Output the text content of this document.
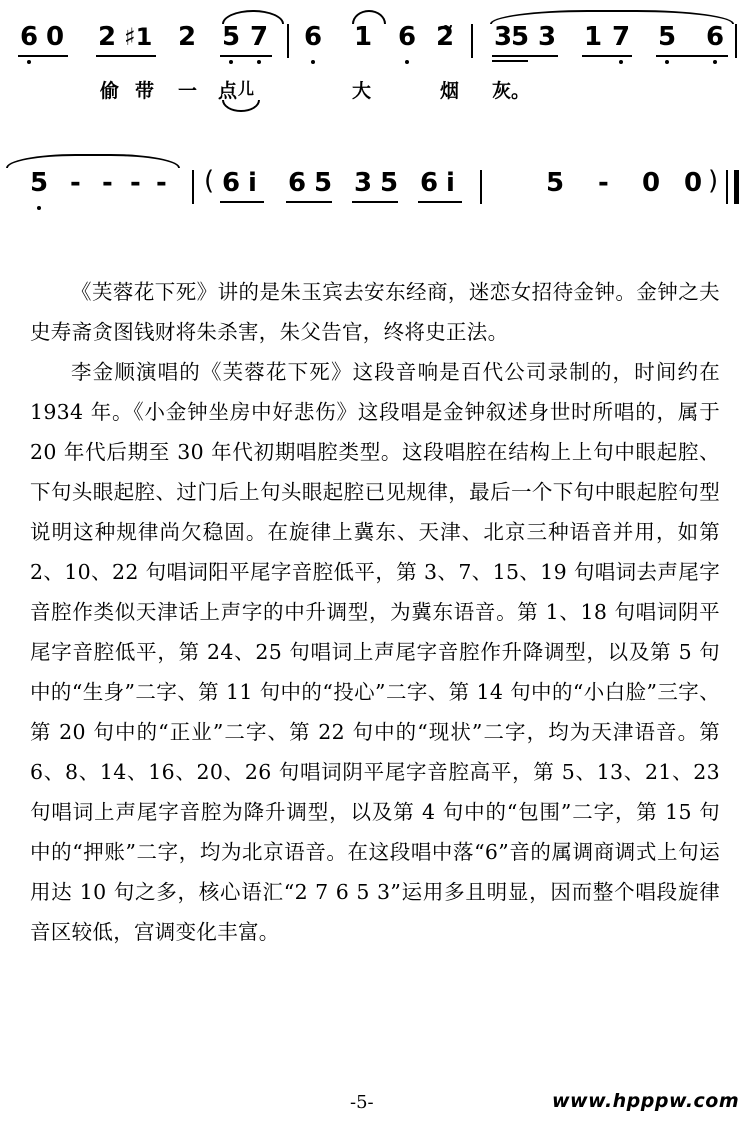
6 0 2 ♯1 2 5 7 6 1 6 2̃ 3
5 3 1 7 5 6
偷 带 一 点 儿	大	烟 灰。
5 - - - - ( 6 i 6 5 3 5 6 i	5 - 0 0 )

《芙蓉花下死》讲的是朱玉宾去安东经商，迷恋女招待金钟。金钟之夫史寿斋贪图钱财将朱杀害，朱父告官，终将史正法。

李金顺演唱的《芙蓉花下死》这段音响是百代公司录制的，时间约在 1934 年。《小金钟坐房中好悲伤》这段唱是金钟叙述身世时所唱的，属于 20 年代后期至 30 年代初期唱腔类型。这段唱腔在结构上上句中眼起腔、下句头眼起腔、过门后上句头眼起腔已见规律，最后一个下句中眼起腔句型说明这种规律尚欠稳固。在旋律上冀东、天津、北京三种语音并用，如第 2、10、22 句唱词阳平尾字音腔低平，第 3、7、15、19 句唱词去声尾字音腔作类似天津话上声字的中升调型，为冀东语音。第 1、18 句唱词阴平尾字音腔低平，第 24、25 句唱词上声尾字音腔作升降调型，以及第 5 句中的“生身”二字、第 11 句中的“投心”二字、第 14 句中的“小白脸”三字、第 20 句中的“正业”二字、第 22 句中的“现状”二字，均为天津语音。第 6、8、14、16、20、26 句唱词阴平尾字音腔高平，第 5、13、21、23 句唱词上声尾字音腔为降升调型，以及第 4 句中的“包围”二字，第 15 句中的“押账”二字，均为北京语音。在这段唱中落“6”音的属调商调式上句运用达 10 句之多，核心语汇“2 7 6 5 3”运用多且明显，因而整个唱段旋律音区较低，宫调变化丰富。

-5-	www.hpppw.com
